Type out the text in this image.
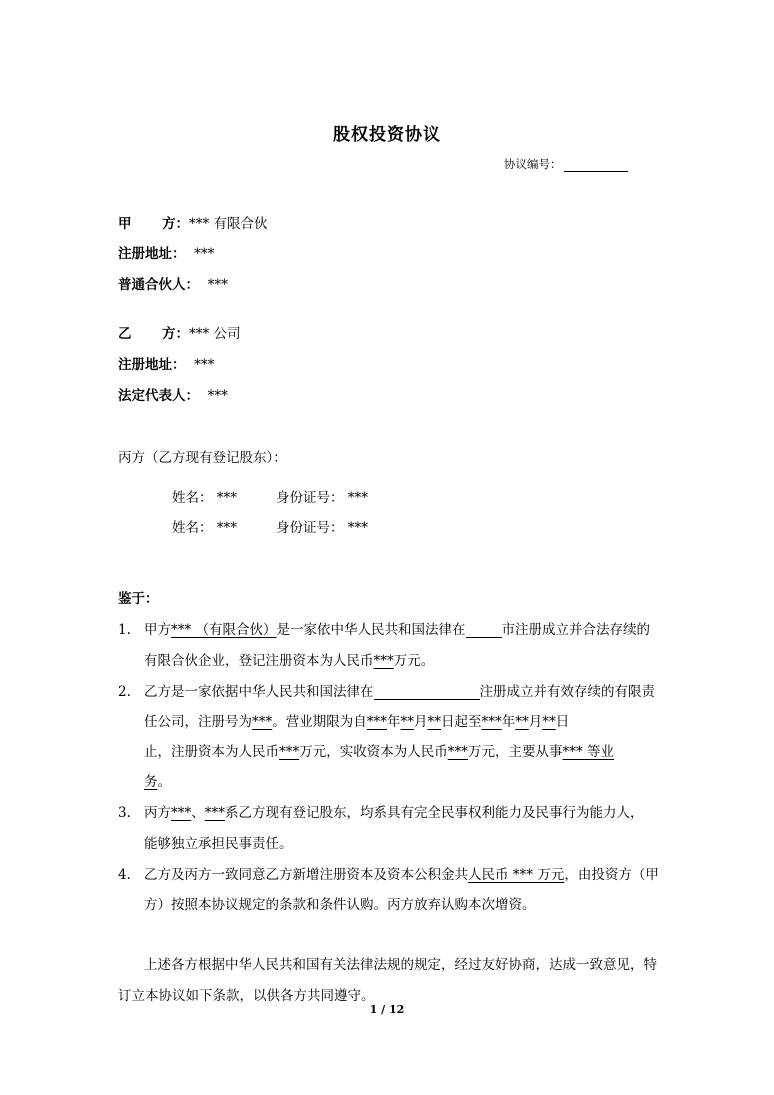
股权投资协议
协议编号：
甲 方：*** 有限合伙
注册地址： ***
普通合伙人： ***
乙 方：*** 公司
注册地址： ***
法定代表人： ***
丙方（乙方现有登记股东）：
姓名： ***	身份证号： ***
姓名： ***	身份证号： ***
鉴于：
1. 甲方*** （有限合伙）是一家依中华人民共和国法律在	市注册成立并合法存续的
有限合伙企业，登记注册资本为人民币***万元。
2. 乙方是一家依据中华人民共和国法律在	注册成立并有效存续的有限责
任公司，注册号为***。营业期限为自***年**月**日起至***年**月**日
止，注册资本为人民币***万元，实收资本为人民币***万元，主要从事*** 等业
务。
3. 丙方***、***系乙方现有登记股东，均系具有完全民事权利能力及民事行为能力人，
能够独立承担民事责任。
4. 乙方及丙方一致同意乙方新增注册资本及资本公积金共人民币 *** 万元，由投资方（甲
方）按照本协议规定的条款和条件认购。丙方放弃认购本次增资。
上述各方根据中华人民共和国有关法律法规的规定，经过友好协商，达成一致意见，特
订立本协议如下条款，以供各方共同遵守。
1 / 12
